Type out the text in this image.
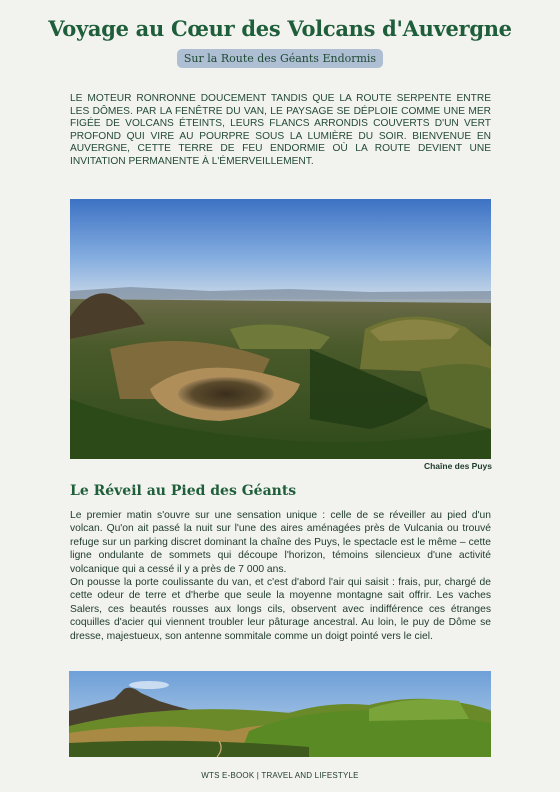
Voyage au Cœur des Volcans d'Auvergne
Sur la Route des Géants Endormis
LE MOTEUR RONRONNE DOUCEMENT TANDIS QUE LA ROUTE SERPENTE ENTRE LES DÔMES. PAR LA FENÊTRE DU VAN, LE PAYSAGE SE DÉPLOIE COMME UNE MER FIGÉE DE VOLCANS ÉTEINTS, LEURS FLANCS ARRONDIS COUVERTS D'UN VERT PROFOND QUI VIRE AU POURPRE SOUS LA LUMIÈRE DU SOIR. BIENVENUE EN AUVERGNE, CETTE TERRE DE FEU ENDORMIE OÙ LA ROUTE DEVIENT UNE INVITATION PERMANENTE À L'ÉMERVEILLEMENT.
Chaîne des Puys
Le Réveil au Pied des Géants

Le premier matin s'ouvre sur une sensation unique : celle de se réveiller au pied d'un volcan. Qu'on ait passé la nuit sur l'une des aires aménagées près de Vulcania ou trouvé refuge sur un parking discret dominant la chaîne des Puys, le spectacle est le même – cette ligne ondulante de sommets qui découpe l'horizon, témoins silencieux d'une activité volcanique qui a cessé il y a près de 7 000 ans.

On pousse la porte coulissante du van, et c'est d'abord l'air qui saisit : frais, pur, chargé de cette odeur de terre et d'herbe que seule la moyenne montagne sait offrir. Les vaches Salers, ces beautés rousses aux longs cils, observent avec indifférence ces étranges coquilles d'acier qui viennent troubler leur pâturage ancestral. Au loin, le puy de Dôme se dresse, majestueux, son antenne sommitale comme un doigt pointé vers le ciel.

WTS E-BOOK | TRAVEL AND LIFESTYLE
